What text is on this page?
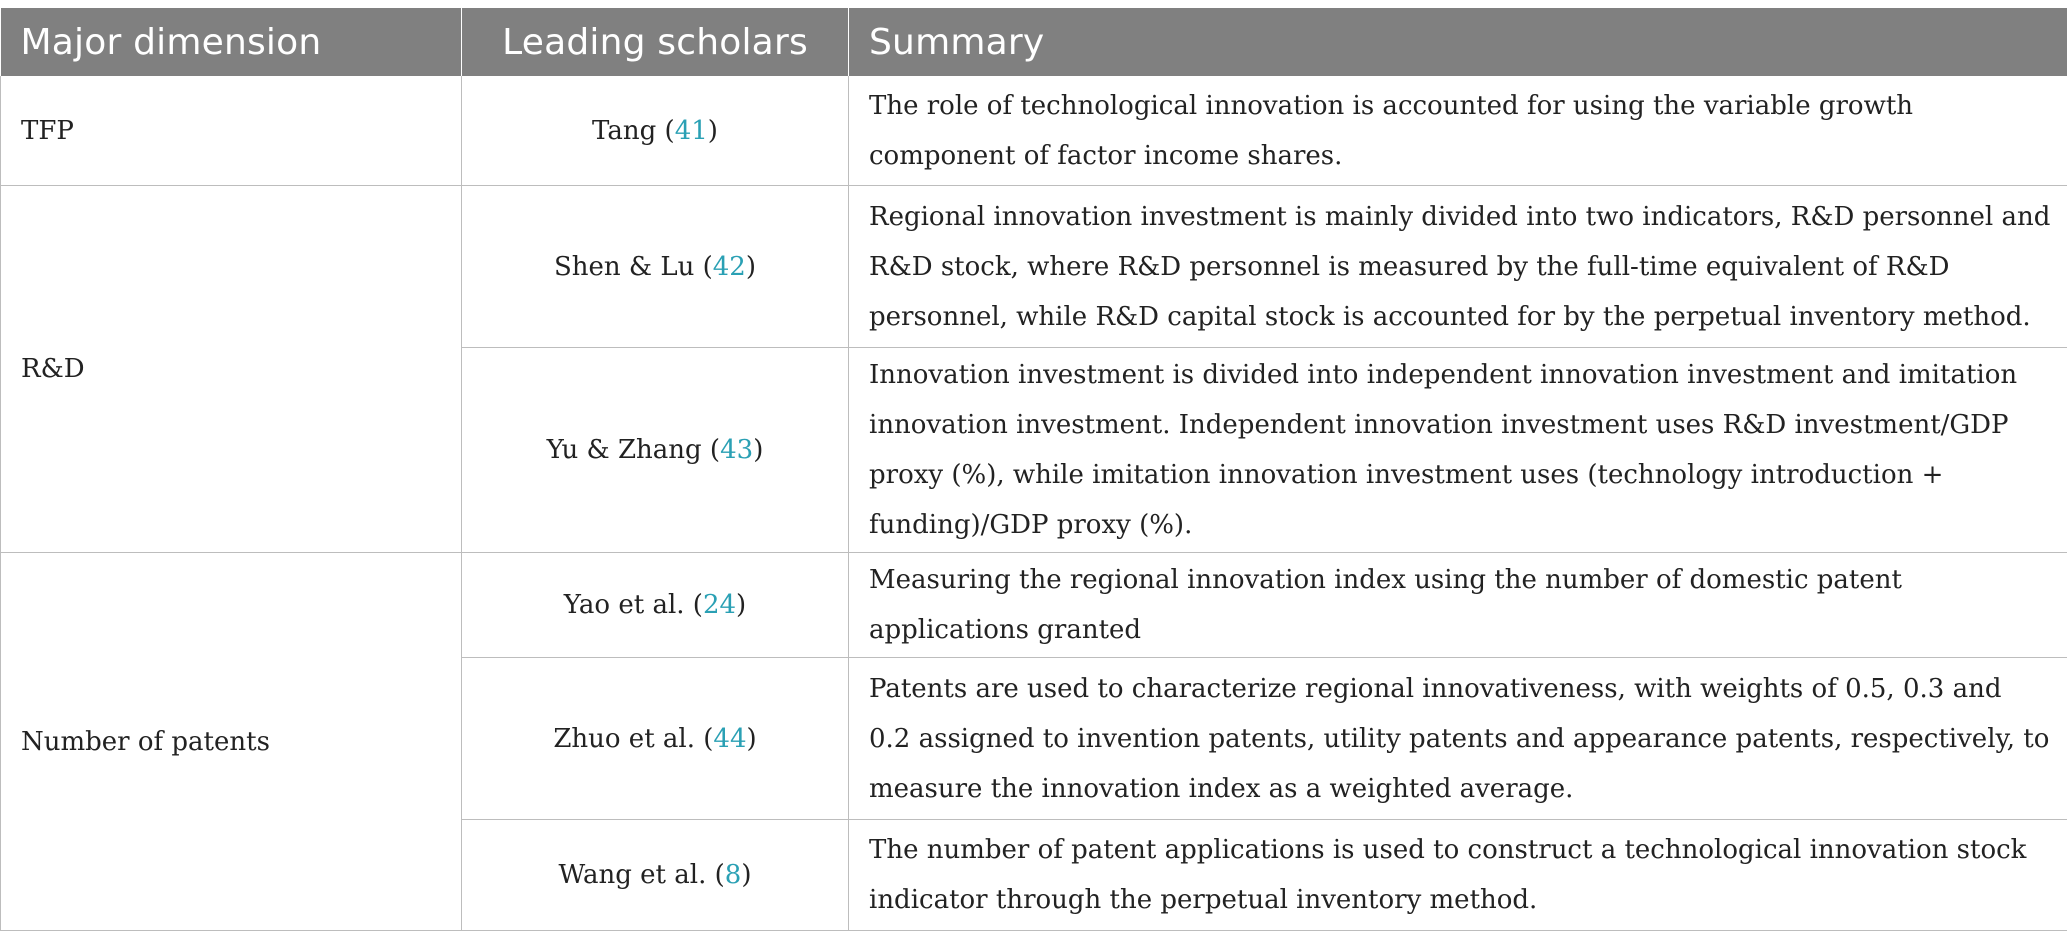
Major dimension	Leading scholars	Summary
TFP	Tang (41)	The role of technological innovation is accounted for using the variable growth component of factor income shares.
R&D	Shen & Lu (42)	Regional innovation investment is mainly divided into two indicators, R&D personnel and R&D stock, where R&D personnel is measured by the full-time equivalent of R&D personnel, while R&D capital stock is accounted for by the perpetual inventory method.
	Yu & Zhang (43)	Innovation investment is divided into independent innovation investment and imitation innovation investment. Independent innovation investment uses R&D investment/GDP proxy (%), while imitation innovation investment uses (technology introduction + funding)/GDP proxy (%).
Number of patents	Yao et al. (24)	Measuring the regional innovation index using the number of domestic patent applications granted
	Zhuo et al. (44)	Patents are used to characterize regional innovativeness, with weights of 0.5, 0.3 and 0.2 assigned to invention patents, utility patents and appearance patents, respectively, to measure the innovation index as a weighted average.
	Wang et al. (8)	The number of patent applications is used to construct a technological innovation stock indicator through the perpetual inventory method.
